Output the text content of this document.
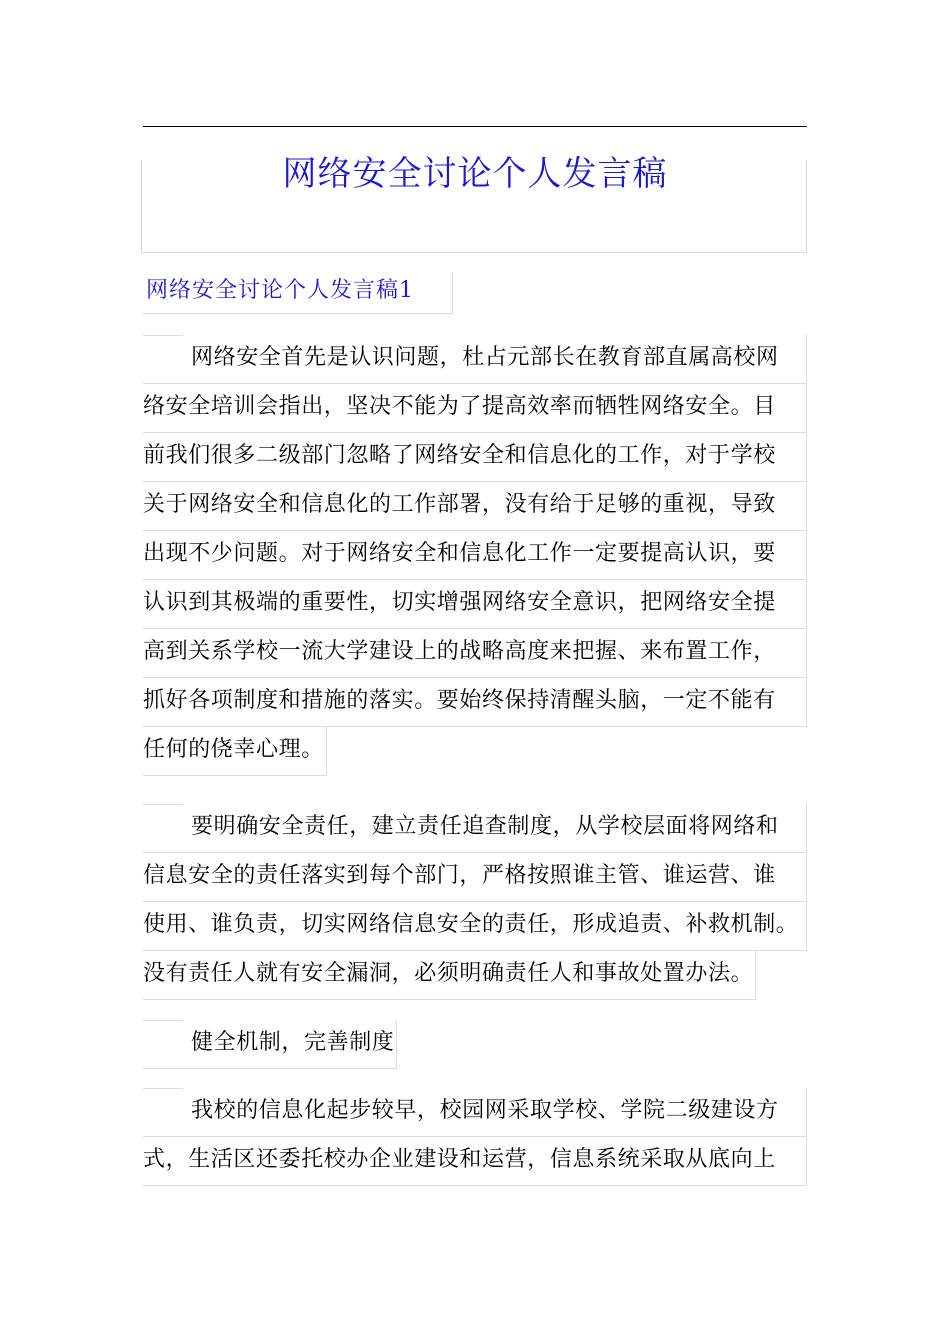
网络安全讨论个人发言稿
网络安全讨论个人发言稿1
网络安全首先是认识问题，杜占元部长在教育部直属高校网
络安全培训会指出，坚决不能为了提高效率而牺牲网络安全。目
前我们很多二级部门忽略了网络安全和信息化的工作，对于学校
关于网络安全和信息化的工作部署，没有给于足够的重视，导致
出现不少问题。对于网络安全和信息化工作一定要提高认识，要
认识到其极端的重要性，切实增强网络安全意识，把网络安全提
高到关系学校一流大学建设上的战略高度来把握、来布置工作，
抓好各项制度和措施的落实。要始终保持清醒头脑，一定不能有
任何的侥幸心理。
要明确安全责任，建立责任追查制度，从学校层面将网络和
信息安全的责任落实到每个部门，严格按照谁主管、谁运营、谁
使用、谁负责，切实网络信息安全的责任，形成追责、补救机制。
没有责任人就有安全漏洞，必须明确责任人和事故处置办法。
健全机制，完善制度
我校的信息化起步较早，校园网采取学校、学院二级建设方
式，生活区还委托校办企业建设和运营，信息系统采取从底向上
